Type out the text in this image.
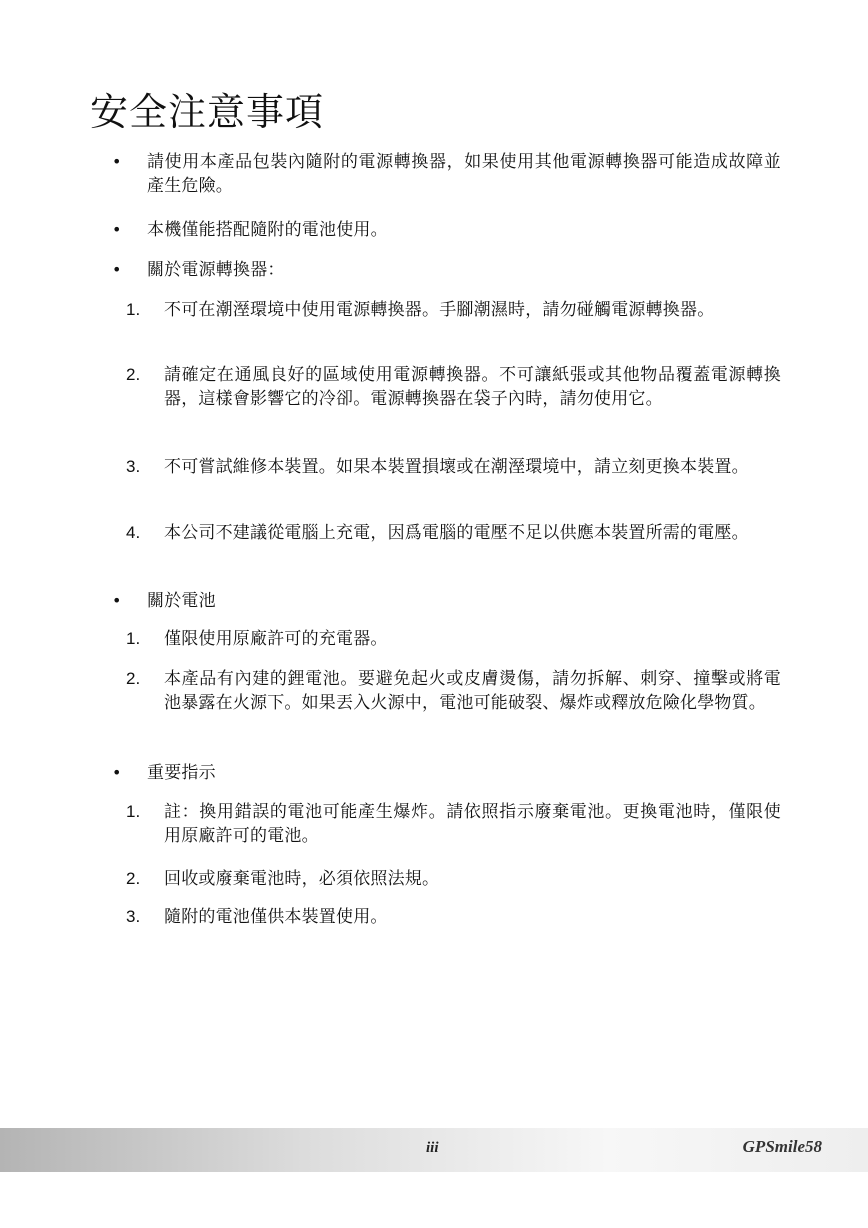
安全注意事項
• 請使用本產品包裝內隨附的電源轉換器，如果使用其他電源轉換器可能造成故障並產生危險。
• 本機僅能搭配隨附的電池使用。
• 關於電源轉換器：
1. 不可在潮溼環境中使用電源轉換器。手腳潮濕時，請勿碰觸電源轉換器。
2. 請確定在通風良好的區域使用電源轉換器。不可讓紙張或其他物品覆蓋電源轉換器，這樣會影響它的冷卻。電源轉換器在袋子內時，請勿使用它。
3. 不可嘗試維修本裝置。如果本裝置損壞或在潮溼環境中，請立刻更換本裝置。
4. 本公司不建議從電腦上充電，因爲電腦的電壓不足以供應本裝置所需的電壓。
• 關於電池
1. 僅限使用原廠許可的充電器。
2. 本產品有內建的鋰電池。要避免起火或皮膚燙傷，請勿拆解、刺穿、撞擊或將電池暴露在火源下。如果丟入火源中，電池可能破裂、爆炸或釋放危險化學物質。
• 重要指示
1. 註：換用錯誤的電池可能產生爆炸。請依照指示廢棄電池。更換電池時，僅限使用原廠許可的電池。
2. 回收或廢棄電池時，必須依照法規。
3. 隨附的電池僅供本裝置使用。
iii	GPSmile58
